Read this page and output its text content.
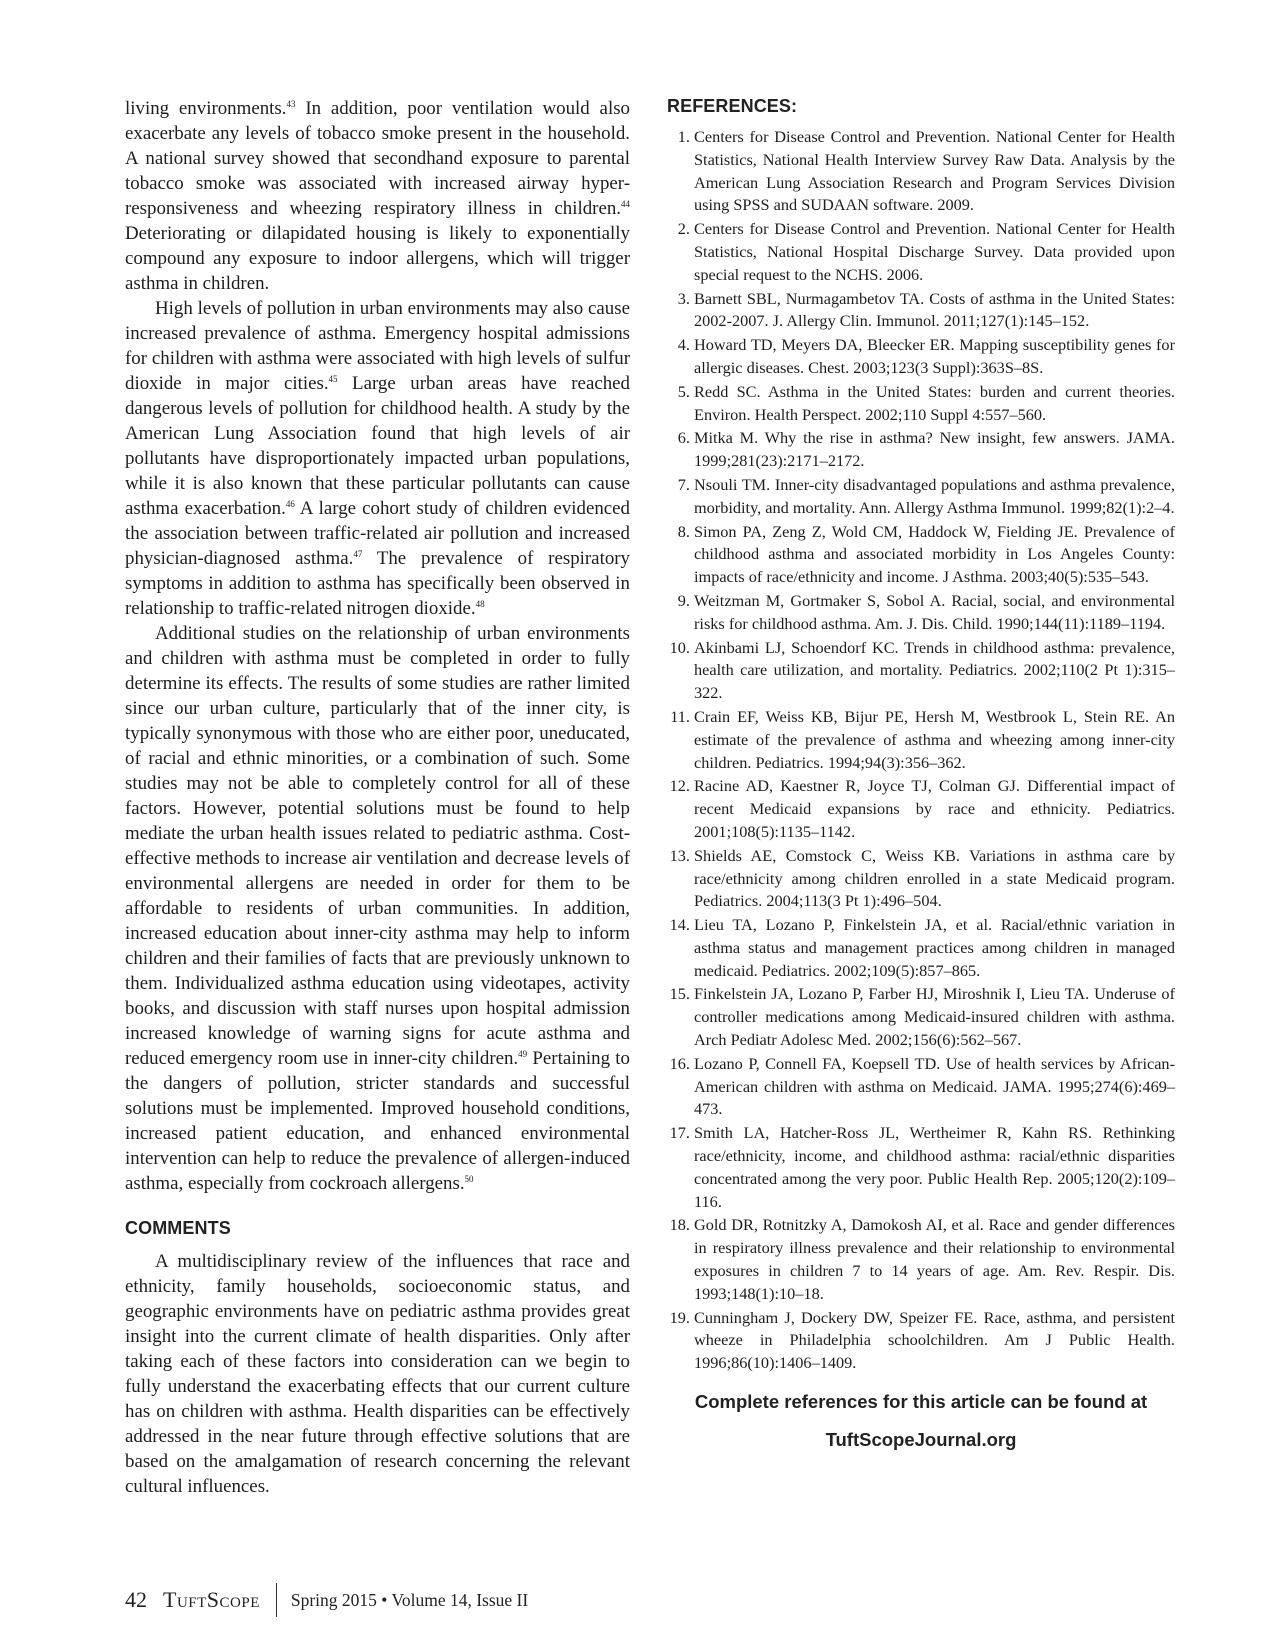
living environments.$^{43}$ In addition, poor ventilation would also exacerbate any levels of tobacco smoke present in the household. A national survey showed that secondhand exposure to parental tobacco smoke was associated with increased airway hyper-responsiveness and wheezing respiratory illness in children.$^{44}$ Deteriorating or dilapidated housing is likely to exponentially compound any exposure to indoor allergens, which will trigger asthma in children.

High levels of pollution in urban environments may also cause increased prevalence of asthma. Emergency hospital admissions for children with asthma were associated with high levels of sulfur dioxide in major cities.$^{45}$ Large urban areas have reached dangerous levels of pollution for childhood health. A study by the American Lung Association found that high levels of air pollutants have disproportionately impacted urban populations, while it is also known that these particular pollutants can cause asthma exacerbation.$^{46}$ A large cohort study of children evidenced the association between traffic-related air pollution and increased physician-diagnosed asthma.$^{47}$ The prevalence of respiratory symptoms in addition to asthma has specifically been observed in relationship to traffic-related nitrogen dioxide.$^{48}$

Additional studies on the relationship of urban environments and children with asthma must be completed in order to fully determine its effects. The results of some studies are rather limited since our urban culture, particularly that of the inner city, is typically synonymous with those who are either poor, uneducated, of racial and ethnic minorities, or a combination of such. Some studies may not be able to completely control for all of these factors. However, potential solutions must be found to help mediate the urban health issues related to pediatric asthma. Cost-effective methods to increase air ventilation and decrease levels of environmental allergens are needed in order for them to be affordable to residents of urban communities. In addition, increased education about inner-city asthma may help to inform children and their families of facts that are previously unknown to them. Individualized asthma education using videotapes, activity books, and discussion with staff nurses upon hospital admission increased knowledge of warning signs for acute asthma and reduced emergency room use in inner-city children.$^{49}$ Pertaining to the dangers of pollution, stricter standards and successful solutions must be implemented. Improved household conditions, increased patient education, and enhanced environmental intervention can help to reduce the prevalence of allergen-induced asthma, especially from cockroach allergens.$^{50}$

COMMENTS

A multidisciplinary review of the influences that race and ethnicity, family households, socioeconomic status, and geographic environments have on pediatric asthma provides great insight into the current climate of health disparities. Only after taking each of these factors into consideration can we begin to fully understand the exacerbating effects that our current culture has on children with asthma. Health disparities can be effectively addressed in the near future through effective solutions that are based on the amalgamation of research concerning the relevant cultural influences.

REFERENCES:
1. Centers for Disease Control and Prevention. National Center for Health Statistics, National Health Interview Survey Raw Data. Analysis by the American Lung Association Research and Program Services Division using SPSS and SUDAAN software. 2009.
2. Centers for Disease Control and Prevention. National Center for Health Statistics, National Hospital Discharge Survey. Data provided upon special request to the NCHS. 2006.
3. Barnett SBL, Nurmagambetov TA. Costs of asthma in the United States: 2002-2007. J. Allergy Clin. Immunol. 2011;127(1):145–152.
4. Howard TD, Meyers DA, Bleecker ER. Mapping susceptibility genes for allergic diseases. Chest. 2003;123(3 Suppl):363S–8S.
5. Redd SC. Asthma in the United States: burden and current theories. Environ. Health Perspect. 2002;110 Suppl 4:557–560.
6. Mitka M. Why the rise in asthma? New insight, few answers. JAMA. 1999;281(23):2171–2172.
7. Nsouli TM. Inner-city disadvantaged populations and asthma prevalence, morbidity, and mortality. Ann. Allergy Asthma Immunol. 1999;82(1):2–4.
8. Simon PA, Zeng Z, Wold CM, Haddock W, Fielding JE. Prevalence of childhood asthma and associated morbidity in Los Angeles County: impacts of race/ethnicity and income. J Asthma. 2003;40(5):535–543.
9. Weitzman M, Gortmaker S, Sobol A. Racial, social, and environmental risks for childhood asthma. Am. J. Dis. Child. 1990;144(11):1189–1194.
10. Akinbami LJ, Schoendorf KC. Trends in childhood asthma: prevalence, health care utilization, and mortality. Pediatrics. 2002;110(2 Pt 1):315–322.
11. Crain EF, Weiss KB, Bijur PE, Hersh M, Westbrook L, Stein RE. An estimate of the prevalence of asthma and wheezing among inner-city children. Pediatrics. 1994;94(3):356–362.
12. Racine AD, Kaestner R, Joyce TJ, Colman GJ. Differential impact of recent Medicaid expansions by race and ethnicity. Pediatrics. 2001;108(5):1135–1142.
13. Shields AE, Comstock C, Weiss KB. Variations in asthma care by race/ethnicity among children enrolled in a state Medicaid program. Pediatrics. 2004;113(3 Pt 1):496–504.
14. Lieu TA, Lozano P, Finkelstein JA, et al. Racial/ethnic variation in asthma status and management practices among children in managed medicaid. Pediatrics. 2002;109(5):857–865.
15. Finkelstein JA, Lozano P, Farber HJ, Miroshnik I, Lieu TA. Underuse of controller medications among Medicaid-insured children with asthma. Arch Pediatr Adolesc Med. 2002;156(6):562–567.
16. Lozano P, Connell FA, Koepsell TD. Use of health services by African-American children with asthma on Medicaid. JAMA. 1995;274(6):469–473.
17. Smith LA, Hatcher-Ross JL, Wertheimer R, Kahn RS. Rethinking race/ethnicity, income, and childhood asthma: racial/ethnic disparities concentrated among the very poor. Public Health Rep. 2005;120(2):109–116.
18. Gold DR, Rotnitzky A, Damokosh AI, et al. Race and gender differences in respiratory illness prevalence and their relationship to environmental exposures in children 7 to 14 years of age. Am. Rev. Respir. Dis. 1993;148(1):10–18.
19. Cunningham J, Dockery DW, Speizer FE. Race, asthma, and persistent wheeze in Philadelphia schoolchildren. Am J Public Health. 1996;86(10):1406–1409.
Complete references for this article can be found at
TuftScopeJournal.org
42 TuftScope Spring 2015 • Volume 14, Issue II
